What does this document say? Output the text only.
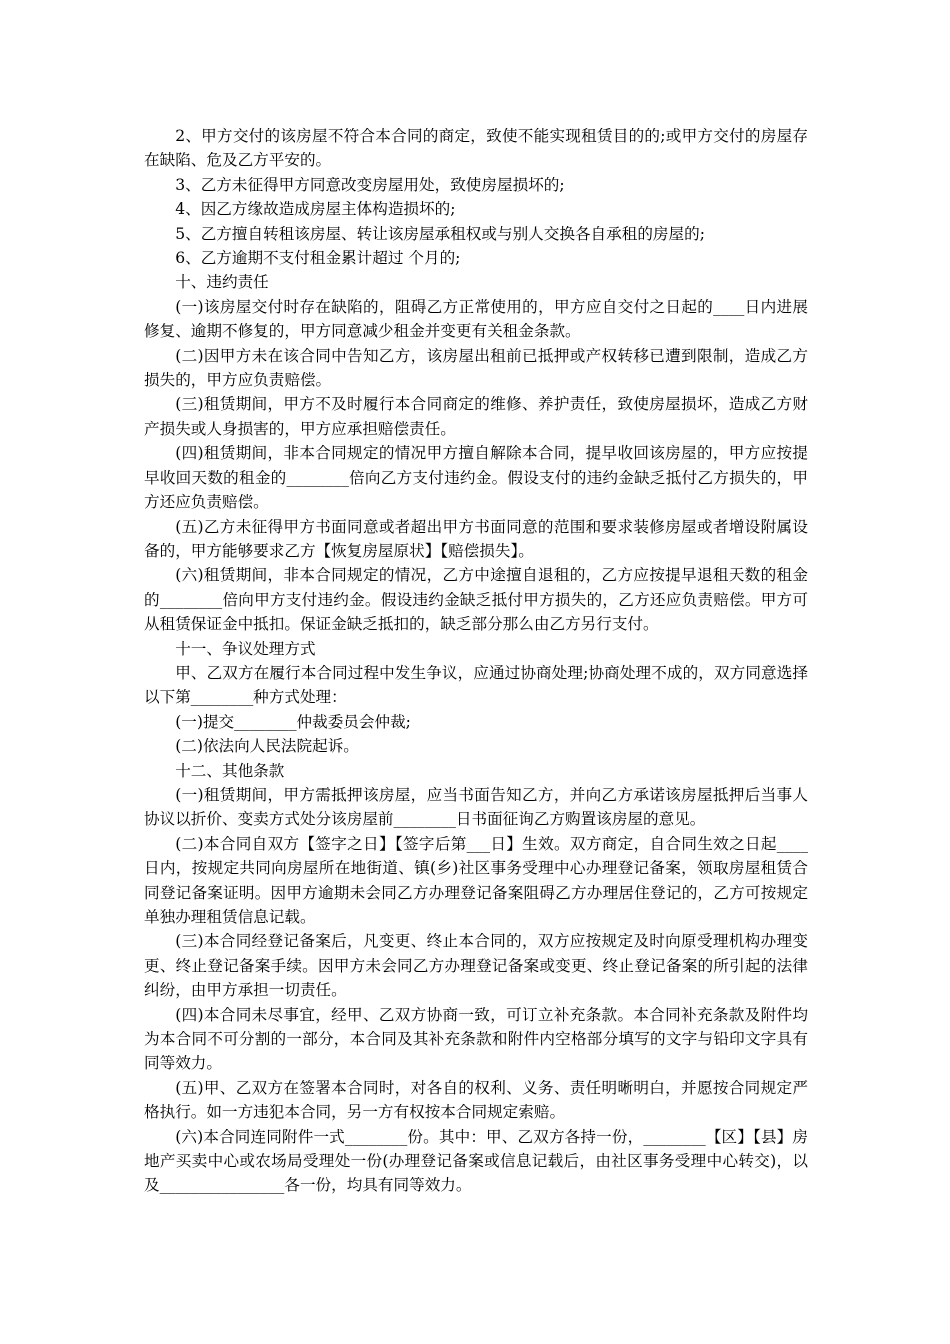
2、甲方交付的该房屋不符合本合同的商定，致使不能实现租赁目的的;或甲方交付的房屋存在缺陷、危及乙方平安的。

3、乙方未征得甲方同意改变房屋用处，致使房屋损坏的;

4、因乙方缘故造成房屋主体构造损坏的;

5、乙方擅自转租该房屋、转让该房屋承租权或与别人交换各自承租的房屋的;

6、乙方逾期不支付租金累计超过 个月的;

十、违约责任

(一)该房屋交付时存在缺陷的，阻碍乙方正常使用的，甲方应自交付之日起的____日内进展修复、逾期不修复的，甲方同意减少租金并变更有关租金条款。

(二)因甲方未在该合同中告知乙方，该房屋出租前已抵押或产权转移已遭到限制，造成乙方损失的，甲方应负责赔偿。

(三)租赁期间，甲方不及时履行本合同商定的维修、养护责任，致使房屋损坏，造成乙方财产损失或人身损害的，甲方应承担赔偿责任。

(四)租赁期间，非本合同规定的情况甲方擅自解除本合同，提早收回该房屋的，甲方应按提早收回天数的租金的________倍向乙方支付违约金。假设支付的违约金缺乏抵付乙方损失的，甲方还应负责赔偿。

(五)乙方未征得甲方书面同意或者超出甲方书面同意的范围和要求装修房屋或者增设附属设备的，甲方能够要求乙方【恢复房屋原状】【赔偿损失】。

(六)租赁期间，非本合同规定的情况，乙方中途擅自退租的，乙方应按提早退租天数的租金的________倍向甲方支付违约金。假设违约金缺乏抵付甲方损失的，乙方还应负责赔偿。甲方可从租赁保证金中抵扣。保证金缺乏抵扣的，缺乏部分那么由乙方另行支付。

十一、争议处理方式

甲、乙双方在履行本合同过程中发生争议，应通过协商处理;协商处理不成的，双方同意选择以下第________种方式处理：

(一)提交________仲裁委员会仲裁;

(二)依法向人民法院起诉。

十二、其他条款

(一)租赁期间，甲方需抵押该房屋，应当书面告知乙方，并向乙方承诺该房屋抵押后当事人协议以折价、变卖方式处分该房屋前________日书面征询乙方购置该房屋的意见。

(二)本合同自双方【签字之日】【签字后第___日】生效。双方商定，自合同生效之日起____日内，按规定共同向房屋所在地街道、镇(乡)社区事务受理中心办理登记备案，领取房屋租赁合同登记备案证明。因甲方逾期未会同乙方办理登记备案阻碍乙方办理居住登记的，乙方可按规定单独办理租赁信息记载。

(三)本合同经登记备案后，凡变更、终止本合同的，双方应按规定及时向原受理机构办理变更、终止登记备案手续。因甲方未会同乙方办理登记备案或变更、终止登记备案的所引起的法律纠纷，由甲方承担一切责任。

(四)本合同未尽事宜，经甲、乙双方协商一致，可订立补充条款。本合同补充条款及附件均为本合同不可分割的一部分，本合同及其补充条款和附件内空格部分填写的文字与铅印文字具有同等效力。

(五)甲、乙双方在签署本合同时，对各自的权利、义务、责任明晰明白，并愿按合同规定严格执行。如一方违犯本合同，另一方有权按本合同规定索赔。

(六)本合同连同附件一式________份。其中：甲、乙双方各持一份，________【区】【县】房地产买卖中心或农场局受理处一份(办理登记备案或信息记载后，由社区事务受理中心转交)，以及________________各一份，均具有同等效力。
